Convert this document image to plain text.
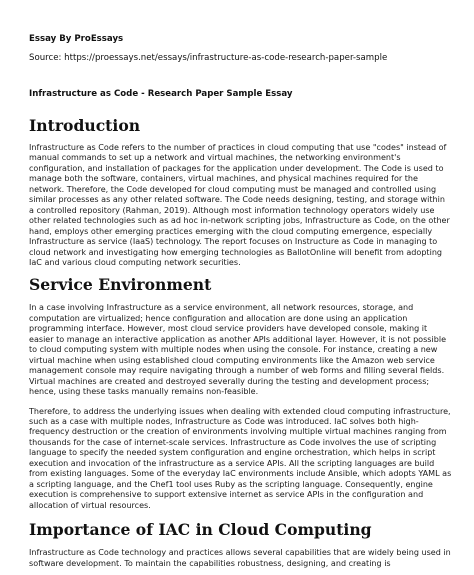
Essay By ProEssays
Source: https://proessays.net/essays/infrastructure-as-code-research-paper-sample
Infrastructure as Code - Research Paper Sample Essay
Introduction

Infrastructure as Code refers to the number of practices in cloud computing that use "codes" instead of manual commands to set up a network and virtual machines, the networking environment's configuration, and installation of packages for the application under development. The Code is used to manage both the software, containers, virtual machines, and physical machines required for the network. Therefore, the Code developed for cloud computing must be managed and controlled using similar processes as any other related software. The Code needs designing, testing, and storage within a controlled repository (Rahman, 2019). Although most information technology operators widely use other related technologies such as ad hoc in-network scripting jobs, Infrastructure as Code, on the other hand, employs other emerging practices emerging with the cloud computing emergence, especially Infrastructure as service (IaaS) technology. The report focuses on Instructure as Code in managing to cloud network and investigating how emerging technologies as BallotOnline will benefit from adopting IaC and various cloud computing network securities.

Service Environment

In a case involving Infrastructure as a service environment, all network resources, storage, and computation are virtualized; hence configuration and allocation are done using an application programming interface. However, most cloud service providers have developed console, making it easier to manage an interactive application as another APIs additional layer. However, it is not possible to cloud computing system with multiple nodes when using the console. For instance, creating a new virtual machine when using established cloud computing environments like the Amazon web service management console may require navigating through a number of web forms and filling several fields. Virtual machines are created and destroyed severally during the testing and development process; hence, using these tasks manually remains non-feasible.

Therefore, to address the underlying issues when dealing with extended cloud computing infrastructure, such as a case with multiple nodes, Infrastructure as Code was introduced. IaC solves both high-frequency destruction or the creation of environments involving multiple virtual machines ranging from thousands for the case of internet-scale services. Infrastructure as Code involves the use of scripting language to specify the needed system configuration and engine orchestration, which helps in script execution and invocation of the infrastructure as a service APIs. All the scripting languages are build from existing languages. Some of the everyday IaC environments include Ansible, which adopts YAML as a scripting language, and the Chef1 tool uses Ruby as the scripting language. Consequently, engine execution is comprehensive to support extensive internet as service APIs in the configuration and allocation of virtual resources.

Importance of IAC in Cloud Computing

Infrastructure as Code technology and practices allows several capabilities that are widely being used in software development. To maintain the capabilities robustness, designing, and creating is
